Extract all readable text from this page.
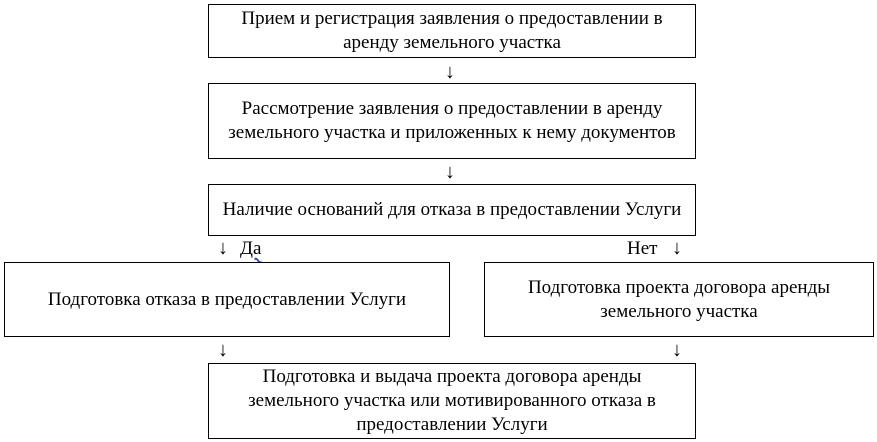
Прием и регистрация заявления о предоставлении в аренду земельного участка
↓
Рассмотрение заявления о предоставлении в аренду земельного участка и приложенных к нему документов
↓
Наличие оснований для отказа в предоставлении Услуги
↓ Да	Нет ↓
Подготовка отказа в предоставлении Услуги
Подготовка проекта договора аренды земельного участка
↓	↓
Подготовка и выдача проекта договора аренды земельного участка или мотивированного отказа в предоставлении Услуги
